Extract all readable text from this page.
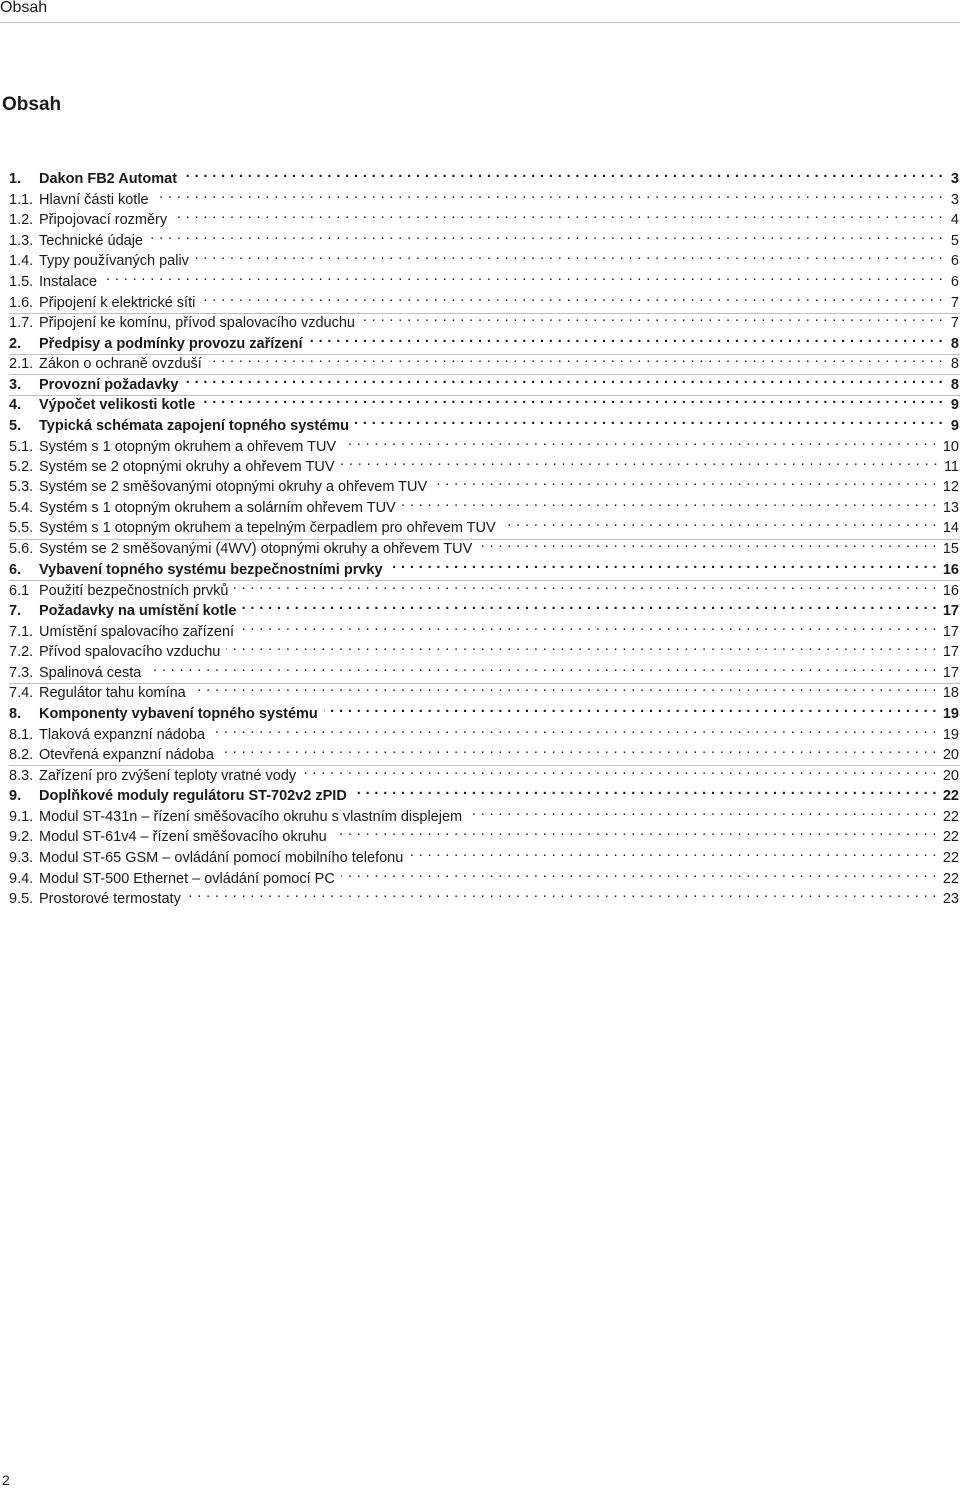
Obsah
Obsah
1.	Dakon FB2 Automat . . .	3
1.1. Hlavní části kotle . . .	3
1.2. Připojovací rozměry . . .	4
1.3. Technické údaje . . .	5
1.4. Typy používaných paliv . . .	6
1.5. Instalace . . .	6
1.6. Připojení k elektrické síti . . .	7
1.7. Připojení ke komínu, přívod spalovacího vzduchu . . .	7
2.	Předpisy a podmínky provozu zařízení . . .	8
2.1. Zákon o ochraně ovzduší . . .	8
3.	Provozní požadavky . . .	8
4.	Výpočet velikosti kotle . . .	9
5.	Typická schémata zapojení topného systému . . .	9
5.1. Systém s 1 otopným okruhem a ohřevem TUV . . .	10
5.2. Systém se 2 otopnými okruhy a ohřevem TUV . . .	11
5.3. Systém se 2 směšovanými otopnými okruhy a ohřevem TUV . . .	12
5.4. Systém s 1 otopným okruhem a solárním ohřevem TUV . . .	13
5.5. Systém s 1 otopným okruhem a tepelným čerpadlem pro ohřevem TUV . . .	14
5.6. Systém se 2 směšovanými (4WV) otopnými okruhy a ohřevem TUV . . .	15
6.	Vybavení topného systému bezpečnostními prvky . . .	16
6.1 Použití bezpečnostních prvků . . .	16
7.	Požadavky na umístění kotle . . .	17
7.1. Umístění spalovacího zařízení . . .	17
7.2. Přívod spalovacího vzduchu . . .	17
7.3. Spalinová cesta . . .	17
7.4. Regulátor tahu komína . . .	18
8.	Komponenty vybavení topného systému . . .	19
8.1. Tlaková expanzní nádoba . . .	19
8.2. Otevřená expanzní nádoba . . .	20
8.3. Zařízení pro zvýšení teploty vratné vody . . .	20
9.	Doplňkové moduly regulátoru ST-702v2 zPID . . .	22
9.1. Modul ST-431n – řízení směšovacího okruhu s vlastním displejem . . .	22
9.2. Modul ST-61v4 – řízení směšovacího okruhu . . .	22
9.3. Modul ST-65 GSM – ovládání pomocí mobilního telefonu . . .	22
9.4. Modul ST-500 Ethernet – ovládání pomocí PC . . .	22
9.5. Prostorové termostaty . . .	23
2
